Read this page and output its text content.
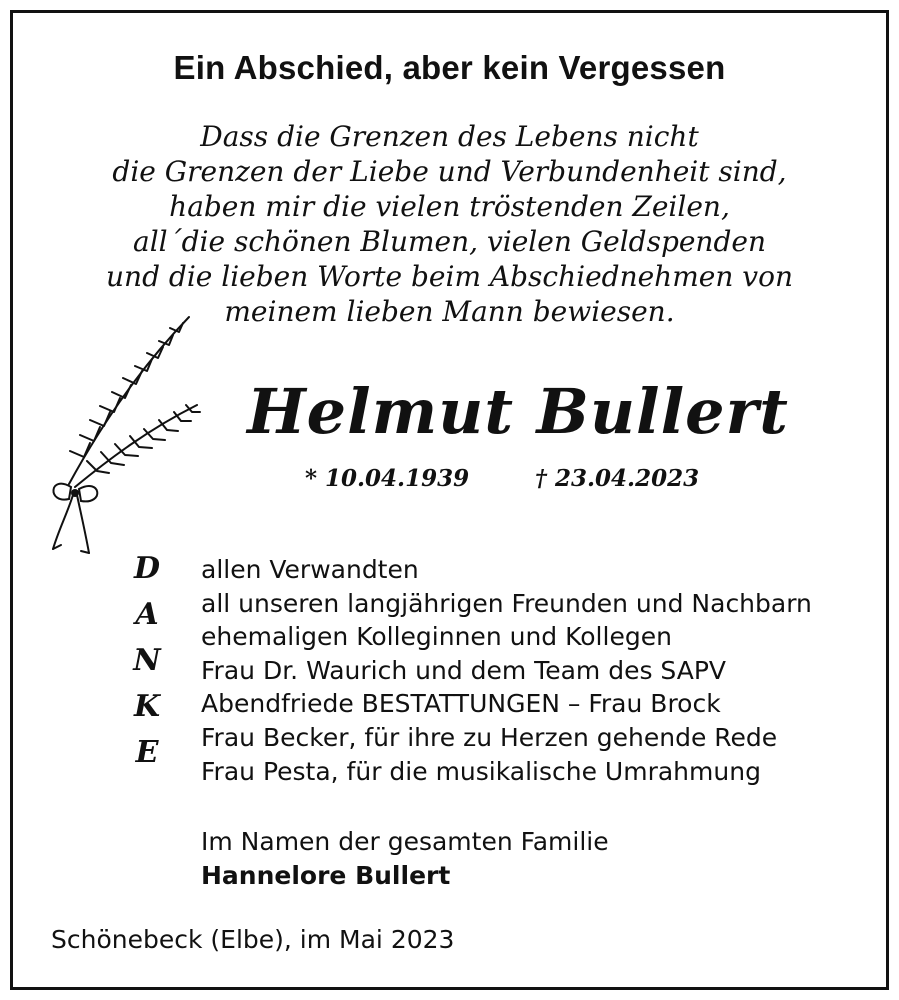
Ein Abschied, aber kein Vergessen
Dass die Grenzen des Lebens nicht
die Grenzen der Liebe und Verbundenheit sind,
haben mir die vielen tröstenden Zeilen,
all´die schönen Blumen, vielen Geldspenden
und die lieben Worte beim Abschiednehmen von
meinem lieben Mann bewiesen.
Helmut Bullert
* 10.04.1939	† 23.04.2023
D
A
N
K
E
allen Verwandten
all unseren langjährigen Freunden und Nachbarn
ehemaligen Kolleginnen und Kollegen
Frau Dr. Waurich und dem Team des SAPV
Abendfriede BESTATTUNGEN – Frau Brock
Frau Becker, für ihre zu Herzen gehende Rede
Frau Pesta, für die musikalische Umrahmung
Im Namen der gesamten Familie
Hannelore Bullert
Schönebeck (Elbe), im Mai 2023
